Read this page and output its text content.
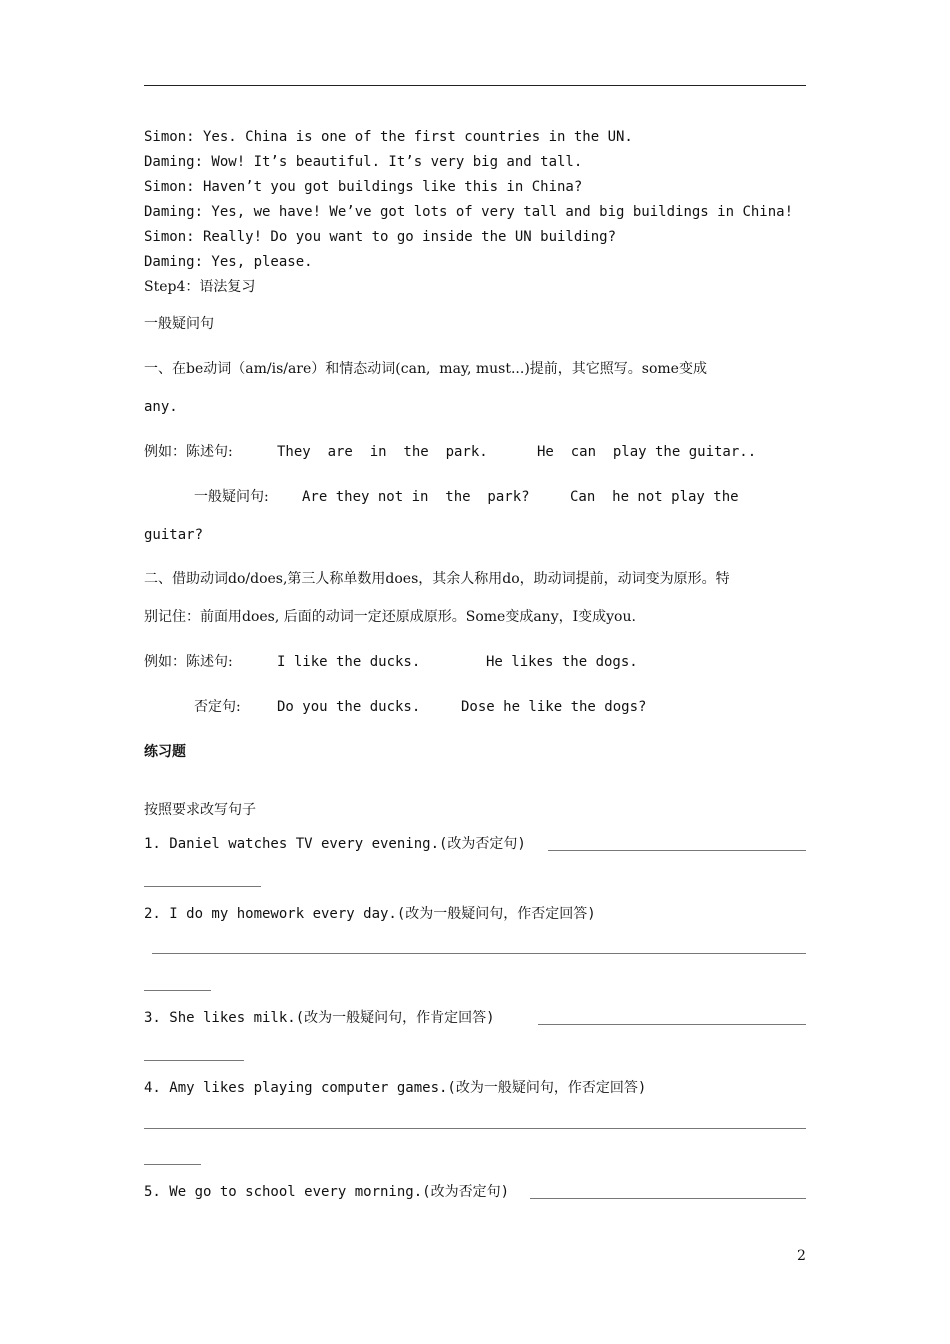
Simon: Yes. China is one of the first countries in the UN.
Daming: Wow! It’s beautiful. It’s very big and tall.
Simon: Haven’t you got buildings like this in China?
Daming: Yes, we have! We’ve got lots of very tall and big buildings in China!
Simon: Really! Do you want to go inside the UN building?
Daming: Yes, please.
Step4：语法复习
一般疑问句
一、在be动词（am/is/are）和情态动词(can,  may, must...)提前，其它照写。some变成
any.
例如：陈述句:	They  are  in  the  park.	He  can  play the guitar..
一般疑问句: Are they not in  the  park?	Can  he not play the
guitar?
二、借助动词do/does,第三人称单数用does，其余人称用do，助动词提前，动词变为原形。特
别记住：前面用does, 后面的动词一定还原成原形。Some变成any，I变成you.
例如：陈述句:	I like the ducks.	He likes the dogs.
否定句:	Do you the ducks.	Dose he like the dogs?
练习题
按照要求改写句子
1. Daniel watches TV every evening.(改为否定句)
2. I do my homework every day.(改为一般疑问句，作否定回答)
3. She likes milk.(改为一般疑问句，作肯定回答)
4. Amy likes playing computer games.(改为一般疑问句，作否定回答)
5. We go to school every morning.(改为否定句)
2
